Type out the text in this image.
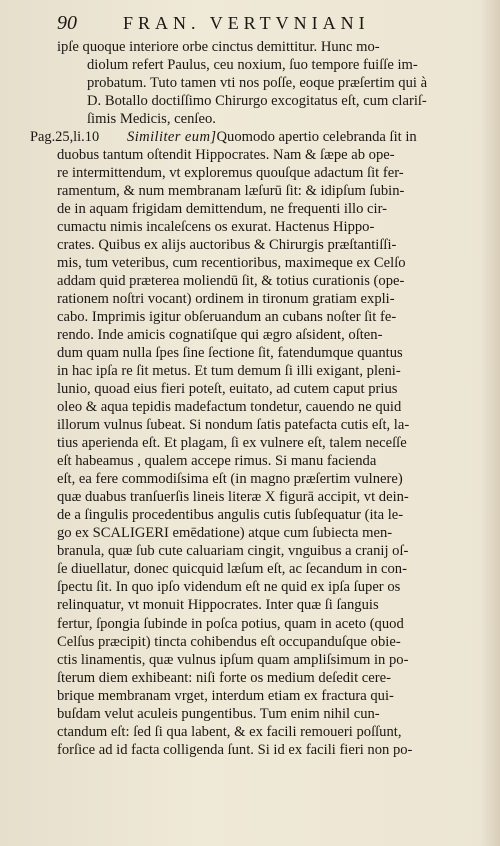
90	FRAN. VERTVNIANI
ipſe quoque interiore orbe cinctus demittitur. Hunc mo-
diolum refert Paulus, ceu noxium, ſuo tempore fuiſſe im-
probatum. Tuto tamen vti nos poſſe, eoque præſertim qui à
D. Botallo doctiſſimo Chirurgo excogitatus eſt, cum clariſ-
ſimis Medicis, cenſeo.
Pag.25,li.10 Similiter eum]Quomodo apertio celebranda ſit in
duobus tantum oſtendit Hippocrates. Nam & ſæpe ab ope-
re intermittendum, vt exploremus quouſque adactum ſit fer-
ramentum, & num membranam læſurū ſit: & idipſum ſubin-
de in aquam frigidam demittendum, ne frequenti illo cir-
cumactu nimis incaleſcens os exurat. Hactenus Hippo-
crates. Quibus ex alijs auctoribus & Chirurgis præſtantiſſi-
mis, tum veteribus, cum recentioribus, maximeque ex Celſo
addam quid præterea moliendū ſit, & totius curationis (ope-
rationem noſtri vocant) ordinem in tironum gratiam expli-
cabo. Imprimis igitur obſeruandum an cubans noſter ſit fe-
rendo. Inde amicis cognatiſque qui ægro aſsident, oſten-
dum quam nulla ſpes ſine ſectione ſit, fatendumque quantus
in hac ipſa re ſit metus. Et tum demum ſi illi exigant, pleni-
lunio, quoad eius fieri poteſt, euitato, ad cutem caput prius
oleo & aqua tepidis madefactum tondetur, cauendo ne quid
illorum vulnus ſubeat. Si nondum ſatis patefacta cutis eſt, la-
tius aperienda eſt. Et plagam, ſi ex vulnere eſt, talem neceſſe
eſt habeamus , qualem accepe rimus. Si manu facienda
eſt, ea fere commodiſsima eſt (in magno præſertim vulnere)
quæ duabus tranſuerſis lineis literæ X figurā accipit, vt dein-
de a ſingulis procedentibus angulis cutis ſubſequatur (ita le-
go ex SCALIGERI emēdatione) atque cum ſubiecta men-
branula, quæ ſub cute caluariam cingit, vnguibus a cranij oſ-
ſe diuellatur, donec quicquid læſum eſt, ac ſecandum in con-
ſpectu ſit. In quo ipſo videndum eſt ne quid ex ipſa ſuper os
relinquatur, vt monuit Hippocrates. Inter quæ ſi ſanguis
fertur, ſpongia ſubinde in poſca potius, quam in aceto (quod
Celſus præcipit) tincta cohibendus eſt occupanduſque obie-
ctis linamentis, quæ vulnus ipſum quam ampliſsimum in po-
ſterum diem exhibeant: niſi forte os medium deſedit cere-
brique membranam vrget, interdum etiam ex fractura qui-
buſdam velut aculeis pungentibus. Tum enim nihil cun-
ctandum eſt: ſed ſi qua labent, & ex facili remoueri poſſunt,
forſice ad id facta colligenda ſunt. Si id ex facili fieri non po-
